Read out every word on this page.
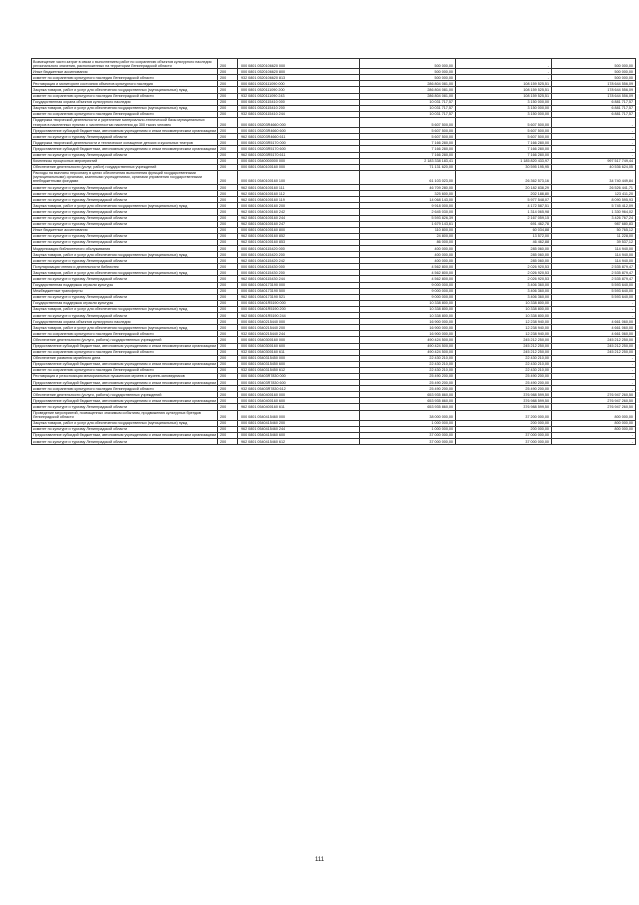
Возмещение части затрат в связи с выполнением работ по сохранению объектов культурного наследия регионального значения, расположенных на территории Ленинградской области	200	000 0801 0520106620 000	500 000,00	-	500 000,00
Иные бюджетные ассигнования	200	000 0801 0520106620 800	500 000,00	-	500 000,00
комитет по сохранению культурного наследия Ленинградской области	200	932 0801 0520106620 813	500 000,00	-	500 000,00
Реставрация и мониторинг состояния объектов культурного наследия	200	000 0801 0520111090 000	286 804 081,00	108 159 525,51	178 644 556,09
Закупка товаров, работ и услуг для обеспечения государственных (муниципальных) нужд	200	000 0801 0520111090 200	286 804 081,00	108 159 525,51	178 644 556,09
комитет по сохранению культурного наследия Ленинградской области	200	932 0801 0520111090 243	286 804 081,00	108 159 525,51	178 644 556,09
Государственная охрана объектов культурного наследия	200	000 0801 0520115410 000	10 031 717,57	3 150 000,00	6 881 717,57
Закупка товаров, работ и услуг для обеспечения государственных (муниципальных) нужд	200	000 0801 0520115410 200	10 031 717,57	3 150 000,00	6 881 717,57
комитет по сохранению культурного наследия Ленинградской области	200	932 0801 0520115410 244	10 031 717,57	3 150 000,00	6 881 717,57
Поддержка творческой деятельности и укрепление материально-технической базы муниципальных театров в населенных пунктах с численностью населения до 300 тысяч человек	200	000 0801 05203R4660 000	5 607 500,00	5 607 500,00	-
Предоставление субсидий бюджетным, автономным учреждениям и иным некоммерческим организациям	200	000 0801 05203R4660 600	5 607 500,00	5 607 500,00	-
комитет по культуре и туризму Ленинградской области	200	962 0801 05203R4660 611	5 607 500,00	5 607 500,00	-
Поддержка творческой деятельности и техническое оснащение детских и кукольных театров	200	000 0801 05203R5170 000	7 166 280,00	7 166 280,00	-
Предоставление субсидий бюджетным, автономным учреждениям и иным некоммерческим организациям	200	000 0801 05203R5170 600	7 166 280,00	7 166 280,00	-
комитет по культуре и туризму Ленинградской области	200	962 0801 05203R5170 611	7 166 280,00	7 166 280,00	-
Комплексы процессных мероприятий	200	000 0801 0540000000 000	2 183 338 183,41	1 185 820 433,97	997 517 749,44
Обеспечение деятельности (услуг, работ) государственных учреждений	200	000 0801 0540100160 000	71 131 620,00	30 595 195,95	40 536 624,05
Расходы на выплаты персоналу в целях обеспечения выполнения функций государственными (муниципальными) органами, казенными учреждениями, органами управления государственными внебюджетными фондами	200	000 0801 0540100160 100	61 103 023,00	26 362 573,16	34 740 449,84
комитет по культуре и туризму Ленинградской области	200	962 0801 0540100160 111	46 709 280,00	20 182 838,29	26 526 441,71
комитет по культуре и туризму Ленинградской области	200	962 0801 0540100160 112	325 600,00	202 188,80	123 411,20
комитет по культуре и туризму Ленинградской области	200	962 0801 0540100160 119	14 068 143,00	5 977 548,07	8 090 595,93
Закупка товаров, работ и услуг для обеспечения государственных (муниципальных) нужд	200	000 0801 0540100160 200	9 918 000,00	4 172 587,51	5 745 412,09
комитет по культуре и туризму Ленинградской области	200	962 0801 0540100160 242	2 645 030,00	1 314 065,98	1 330 964,02
комитет по культуре и туризму Ленинградской области	200	962 0801 0540100160 244	5 593 826,39	2 167 059,15	3 426 767,24
комитет по культуре и туризму Ленинградской области	200	962 0801 0540100160 247	1 679 143,61	691 462,78	987 680,83
Иные бюджетные ассигнования	200	000 0801 0540100160 800	110 800,00	60 034,88	50 765,12
комитет по культуре и туризму Ленинградской области	200	962 0801 0540100160 852	24 800,00	13 572,00	11 228,00
комитет по культуре и туризму Ленинградской области	200	962 0801 0540100160 853	86 000,00	46 462,88	39 537,12
Модернизация библиотечного обслуживания	200	000 0801 0540115420 000	400 000,00	285 060,00	114 940,00
Закупка товаров, работ и услуг для обеспечения государственных (муниципальных) нужд	200	000 0801 0540115420 200	400 000,00	285 060,00	114 940,00
комитет по культуре и туризму Ленинградской области	200	962 0801 0540115420 242	400 000,00	285 060,00	114 940,00
Популяризация чтения и деятельности библиотек	200	000 0801 0540115430 000	4 562 800,00	2 026 920,53	2 535 879,47
Закупка товаров, работ и услуг для обеспечения государственных (муниципальных) нужд	200	000 0801 0540115430 200	4 562 800,00	2 026 920,53	2 535 879,47
комитет по культуре и туризму Ленинградской области	200	962 0801 0540115430 244	4 562 800,00	2 026 920,53	2 535 879,47
Государственная поддержка отрасли культуры	200	000 0801 0540173190 000	9 000 000,00	3 406 360,00	5 593 640,00
Межбюджетные трансферты	200	000 0801 0540173190 500	9 000 000,00	3 406 360,00	5 593 640,00
комитет по культуре и туризму Ленинградской области	200	962 0801 0540173190 521	9 000 000,00	3 406 360,00	5 593 640,00
Государственная поддержка отрасли культуры	200	000 0801 05401R5190 000	10 338 800,00	10 338 800,00	-
Закупка товаров, работ и услуг для обеспечения государственных (муниципальных) нужд	200	000 0801 05401R5190 200	10 338 800,00	10 338 800,00	-
комитет по культуре и туризму Ленинградской области	200	962 0801 05401R5190 244	10 338 800,00	10 338 800,00	-
Государственная охрана объектов культурного наследия	200	000 0801 0540215440 000	16 900 000,00	12 238 940,00	4 661 060,00
Закупка товаров, работ и услуг для обеспечения государственных (муниципальных) нужд	200	000 0801 0540215440 200	16 900 000,00	12 238 940,00	4 661 060,00
комитет по сохранению культурного наследия Ленинградской области	200	932 0801 0540215440 244	16 900 000,00	12 238 940,00	4 661 060,00
Обеспечение деятельности (услуги, работы) государственных учреждений	200	000 0801 0540300160 000	490 424 500,00	245 212 250,00	245 212 250,00
Предоставление субсидий бюджетным, автономным учреждениям и иным некоммерческим организациям	200	000 0801 0540300160 600	490 424 500,00	245 212 250,00	245 212 250,00
комитет по сохранению культурного наследия Ленинградской области	200	932 0801 0540300160 611	490 424 500,00	245 212 250,00	245 212 250,00
Обеспечение развития музейного дела	200	000 0801 0540315450 000	22 430 210,00	22 430 210,00	-
Предоставление субсидий бюджетным, автономным учреждениям и иным некоммерческим организациям	200	000 0801 0540315450 600	22 430 210,00	22 430 210,00	-
комитет по сохранению культурного наследия Ленинградской области	200	932 0801 0540315450 612	22 430 210,00	22 430 210,00	-
Реставрация и реэкспозиция мемориальных пушкинских музеев и музеев-заповедников	200	000 0801 05403R7830 000	25 490 200,00	25 490 200,00	-
Предоставление субсидий бюджетным, автономным учреждениям и иным некоммерческим организациям	200	000 0801 05403R7830 600	25 490 200,00	25 490 200,00	-
комитет по сохранению культурного наследия Ленинградской области	200	932 0801 05403R7830 612	25 490 200,00	25 490 200,00	-
Обеспечение деятельности (услуги, работы) государственных учреждений	200	000 0801 0540400160 000	653 935 860,00	376 988 599,50	276 947 260,50
Предоставление субсидий бюджетным, автономным учреждениям и иным некоммерческим организациям	200	000 0801 0540400160 600	653 935 860,00	376 988 599,50	276 947 260,50
комитет по культуре и туризму Ленинградской области	200	962 0801 0540400160 611	653 935 860,00	376 988 599,50	276 947 260,50
Проведение мероприятий, посвященных значимым событиям, продвижению культурных брендов Ленинградской области	200	000 0801 0540415460 000	38 000 000,00	37 200 000,00	800 000,00
Закупка товаров, работ и услуг для обеспечения государственных (муниципальных) нужд	200	000 0801 0540415460 200	1 000 000,00	200 000,00	800 000,00
комитет по культуре и туризму Ленинградской области	200	962 0801 0540415460 244	1 000 000,00	200 000,00	800 000,00
Предоставление субсидий бюджетным, автономным учреждениям и иным некоммерческим организациям	200	000 0801 0540415460 600	37 000 000,00	37 000 000,00	-
комитет по культуре и туризму Ленинградской области	200	962 0801 0540415460 612	37 000 000,00	37 000 000,00	-
111
